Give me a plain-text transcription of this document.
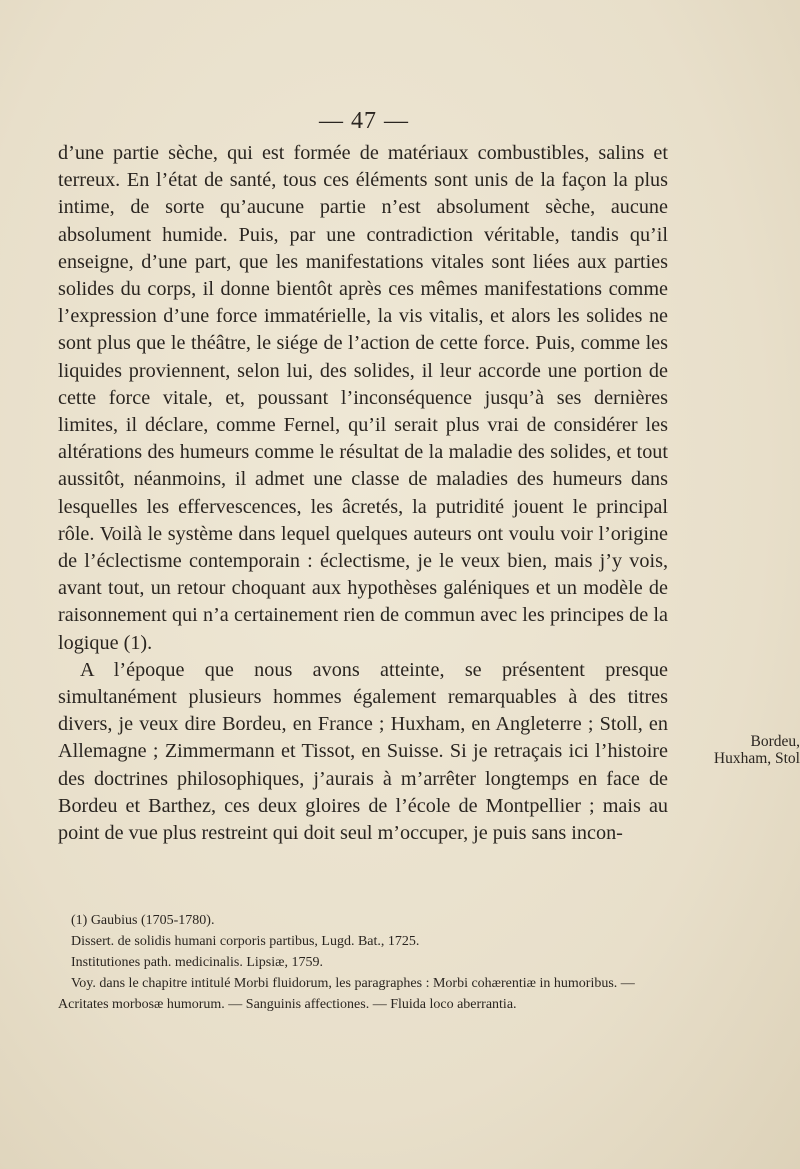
— 47 —

d’une partie sèche, qui est formée de matériaux combustibles, salins et terreux. En l’état de santé, tous ces éléments sont unis de la façon la plus intime, de sorte qu’aucune partie n’est absolument sèche, aucune absolument humide. Puis, par une contradiction véritable, tandis qu’il enseigne, d’une part, que les manifestations vitales sont liées aux parties solides du corps, il donne bientôt après ces mêmes manifestations comme l’expression d’une force immatérielle, la vis vitalis, et alors les solides ne sont plus que le théâtre, le siége de l’action de cette force. Puis, comme les liquides proviennent, selon lui, des solides, il leur accorde une portion de cette force vitale, et, poussant l’inconséquence jusqu’à ses dernières limites, il déclare, comme Fernel, qu’il serait plus vrai de considérer les altérations des humeurs comme le résultat de la maladie des solides, et tout aussitôt, néanmoins, il admet une classe de maladies des humeurs dans lesquelles les effervescences, les âcretés, la putridité jouent le principal rôle. Voilà le système dans lequel quelques auteurs ont voulu voir l’origine de l’éclectisme contemporain : éclectisme, je le veux bien, mais j’y vois, avant tout, un retour choquant aux hypothèses galéniques et un modèle de raisonnement qui n’a certainement rien de commun avec les principes de la logique (1).

A l’époque que nous avons atteinte, se présentent presque simultanément plusieurs hommes également remarquables à des titres divers, je veux dire Bordeu, en France ; Huxham, en Angleterre ; Stoll, en Allemagne ; Zimmermann et Tissot, en Suisse. Si je retraçais ici l’histoire des doctrines philosophiques, j’aurais à m’arrêter longtemps en face de Bordeu et Barthez, ces deux gloires de l’école de Montpellier ; mais au point de vue plus restreint qui doit seul m’occuper, je puis sans incon-

Bordeu,
Huxham, Stol

(1) Gaubius (1705-1780).

Dissert. de solidis humani corporis partibus, Lugd. Bat., 1725.

Institutiones path. medicinalis. Lipsiæ, 1759.

Voy. dans le chapitre intitulé Morbi fluidorum, les paragraphes : Morbi cohærentiæ in humoribus. — Acritates morbosæ humorum. — Sanguinis affectiones. — Fluida loco aberrantia.
